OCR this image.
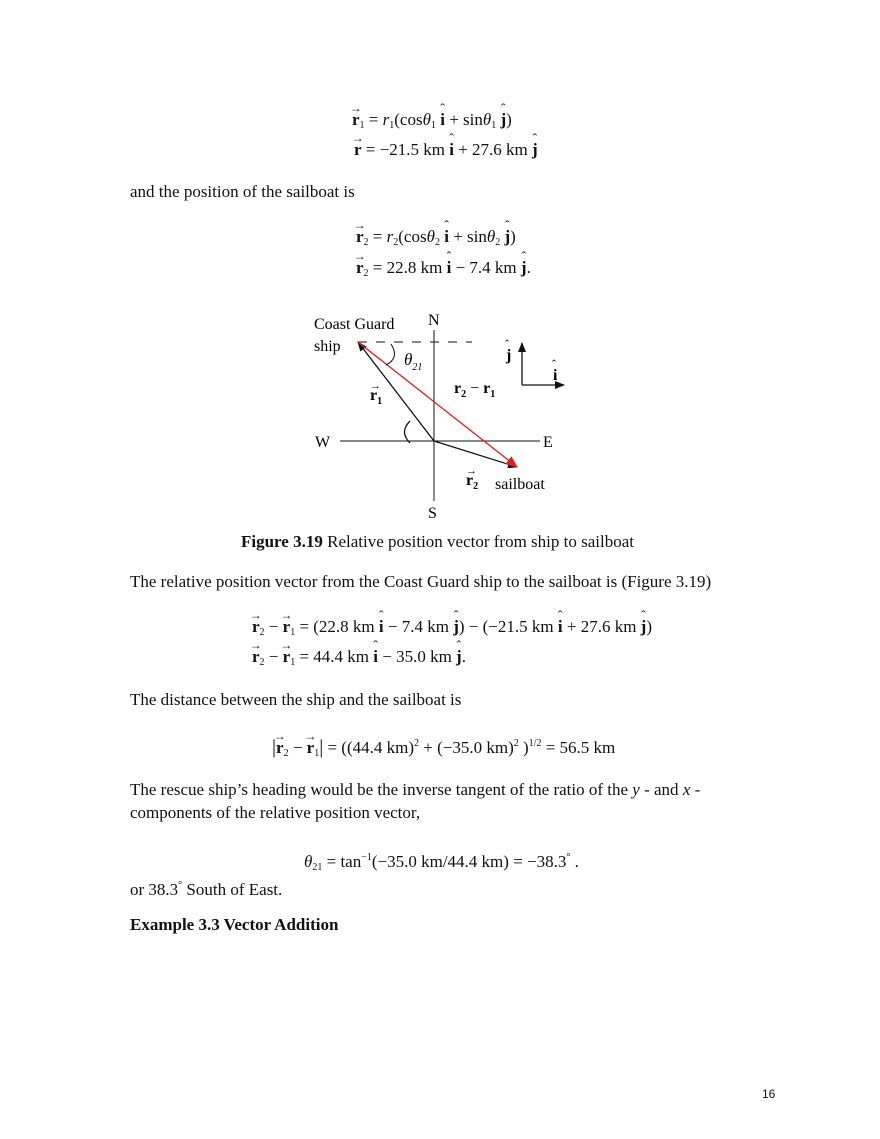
→ $r_1 = r_1(\cos\theta_1$ ˆ i + sinθ$_1$ ˆ j)
→ r = −21.5 km ˆ i + 27.6 km ˆ j
and the position of the sailboat is
→ $r_2 = r_2(\cos\theta_2$ ˆ i + sinθ$_2$ ˆ j)
→ $r_2 = 22.8$ km ˆ i − 7.4 km ˆ j.
Coast Guard
ship
N
S
E
W
$\theta_{21}$
$r_1$
→
$r_2$
→
$r_2 - r_1$
sailboat
j
ˆ
i
ˆ
Figure 3.19 Relative position vector from ship to sailboat
The relative position vector from the Coast Guard ship to the sailboat is (Figure 3.19)
→ $r_2$ − → $r_1 = (22.8$ km ˆ i − 7.4 km ˆ j) − (−21.5 km ˆ i + 27.6 km ˆ j)
→ $r_2$ − → $r_1 = 44.4$ km ˆ i − 35.0 km ˆ j.
The distance between the ship and the sailboat is
|→ $r_2$ − → $r_1| = ((44.4$ km)$^2$ + (−35.0 km)$^2$ )$^{1/2}$ = 56.5 km
The rescue ship’s heading would be the inverse tangent of the ratio of the y - and x -
components of the relative position vector,
$\theta_{21} = \tan^{-1}(-35.0$ km/44.4 km) = −38.3° .
or 38.3° South of East.
Example 3.3 Vector Addition
16
